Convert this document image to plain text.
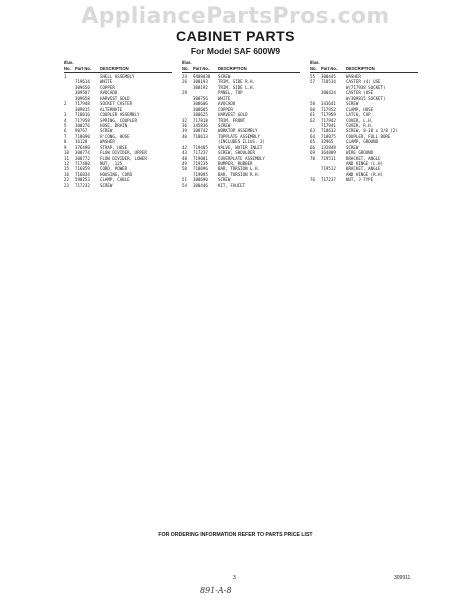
AppliancePartsPros.com
CABINET PARTS
For Model SAF 600W9
Illus.
No. Part No. DESCRIPTION
1	SHELL ASSEMBLY
719614 WHITE
309650 COPPER
309587 AVOCADO
309658 HARVEST GOLD
2 717948 SOCKET CASTER
309815 ALTERNATE
3 718016 COUPLER ASSEMBLY
4 717958 SPRING, COUPLER
5 300276 HOSE, DRAIN
6 90767	SCREW
7 718090 H'CONG, HOSE
8 16128	WASHER
9 376490 STRAP, HOSE
10 308774 FLOW DIVIDER, UPPER
11 308772 FLOW DIVIDER, LOWER
12 717480 NUT, .125
15 716859 CORD, POWER
16 716034 HOUSING, CORD
22 598253 CLAMP, CABLE
23 717232 SCREW
Illus.
No. Part No. DESCRIPTION
24 9408038 SCREW
26 308193 TRIM, SIDE R.H.
308192 TRIM, SIDE L.H.
29	PANEL, TOP
308756 WHITE
308606 AVOCADO
308605 COPPER
308625 HARVEST GOLD
32 717818 TRIM, FRONT
36 345836 SCREW
39 308742 WORKTOP ASSEMBLY
40 718613 TOPPLATE ASSEMBLY
(INCLUDES ILLUS. 3)
42 719405 VALVE, WATER INLET
43 717237 SCREW, SHOULDER
48 719081 COVERPLATE ASSEMBLY
49 719235 BUMPER, RUBBER
50 718096 BAR, TORSION L.H.
719095 BAR, TORSION R.H.
51 308690 SCREW
54 300446 KIT, FAUCET
Illus.
No. Part No. DESCRIPTION
55 300445 WASHER
57 718534 CASTER (4) USE
W/717938 SOCKET)
300424 CASTER (USE
W/309815 SOCKET)
58 343641 SCREW
60 717952 CLAMP, HOSE
61 717959 LATCH, CAP
62 717942 COVER, L.H.
717941 COVER, R.H.
63 718632 SCREW, 8-18 x 3/8 (2)
64 718075 COUPLER, FULL BORE
65 32965	CLAMP, GROUND
66 132848 SCREW
69 364889 WIRE GROUND
70 719511 BRACKET, ANGLE
AND HINGE (L.H)
719512 BRACKET, ANGLE
AND HINGE (R.H)
76 717237 NUT, J-TYPE
FOR ORDERING INFORMATION REFER TO PARTS PRICE LIST
3	309911
891-A-8
